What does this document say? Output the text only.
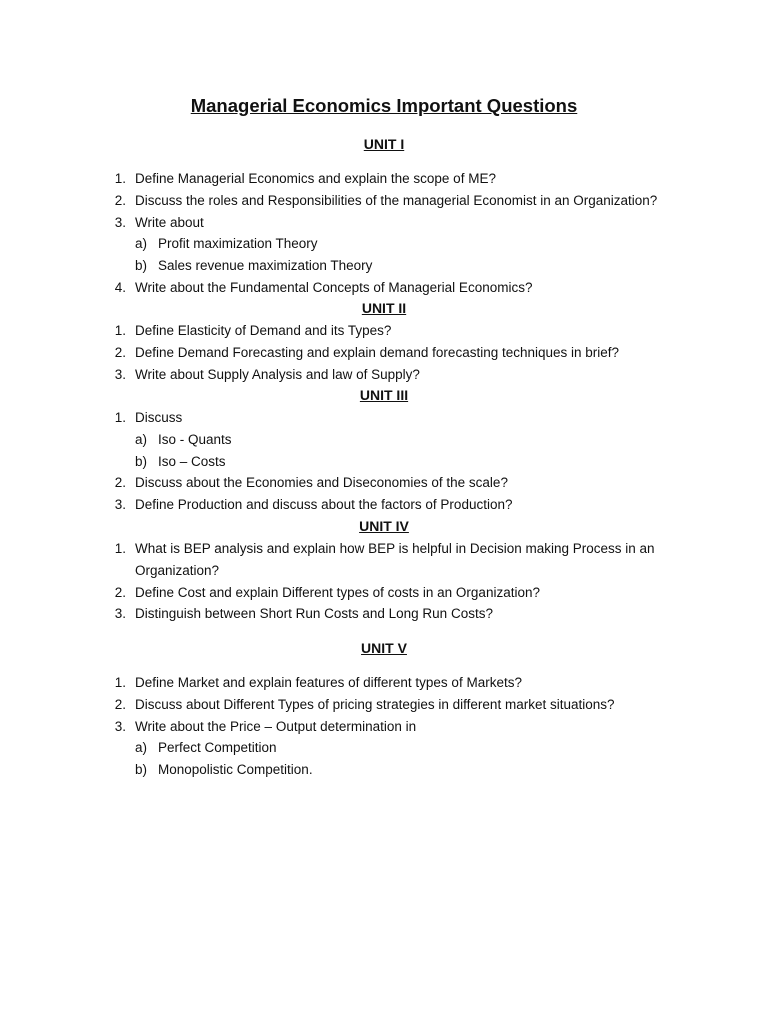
Managerial Economics Important Questions
UNIT I
1. Define Managerial Economics and explain the scope of ME?
2. Discuss the roles and Responsibilities of the managerial Economist in an Organization?
3. Write about
a) Profit maximization Theory
b) Sales revenue maximization Theory
4. Write about the Fundamental Concepts of Managerial Economics?
UNIT II
1. Define Elasticity of Demand and its Types?
2. Define Demand Forecasting and explain demand forecasting techniques in brief?
3. Write about Supply Analysis and law of Supply?
UNIT III
1. Discuss
a) Iso - Quants
b) Iso – Costs
2. Discuss about the Economies and Diseconomies of the scale?
3. Define Production and discuss about the factors of Production?
UNIT IV
1. What is BEP analysis and explain how BEP is helpful in Decision making Process in an Organization?
2. Define Cost and explain Different types of costs in an Organization?
3. Distinguish between Short Run Costs and Long Run Costs?
UNIT V
1. Define Market and explain features of different types of Markets?
2. Discuss about Different Types of pricing strategies in different market situations?
3. Write about the Price – Output determination in
a) Perfect Competition
b) Monopolistic Competition.
